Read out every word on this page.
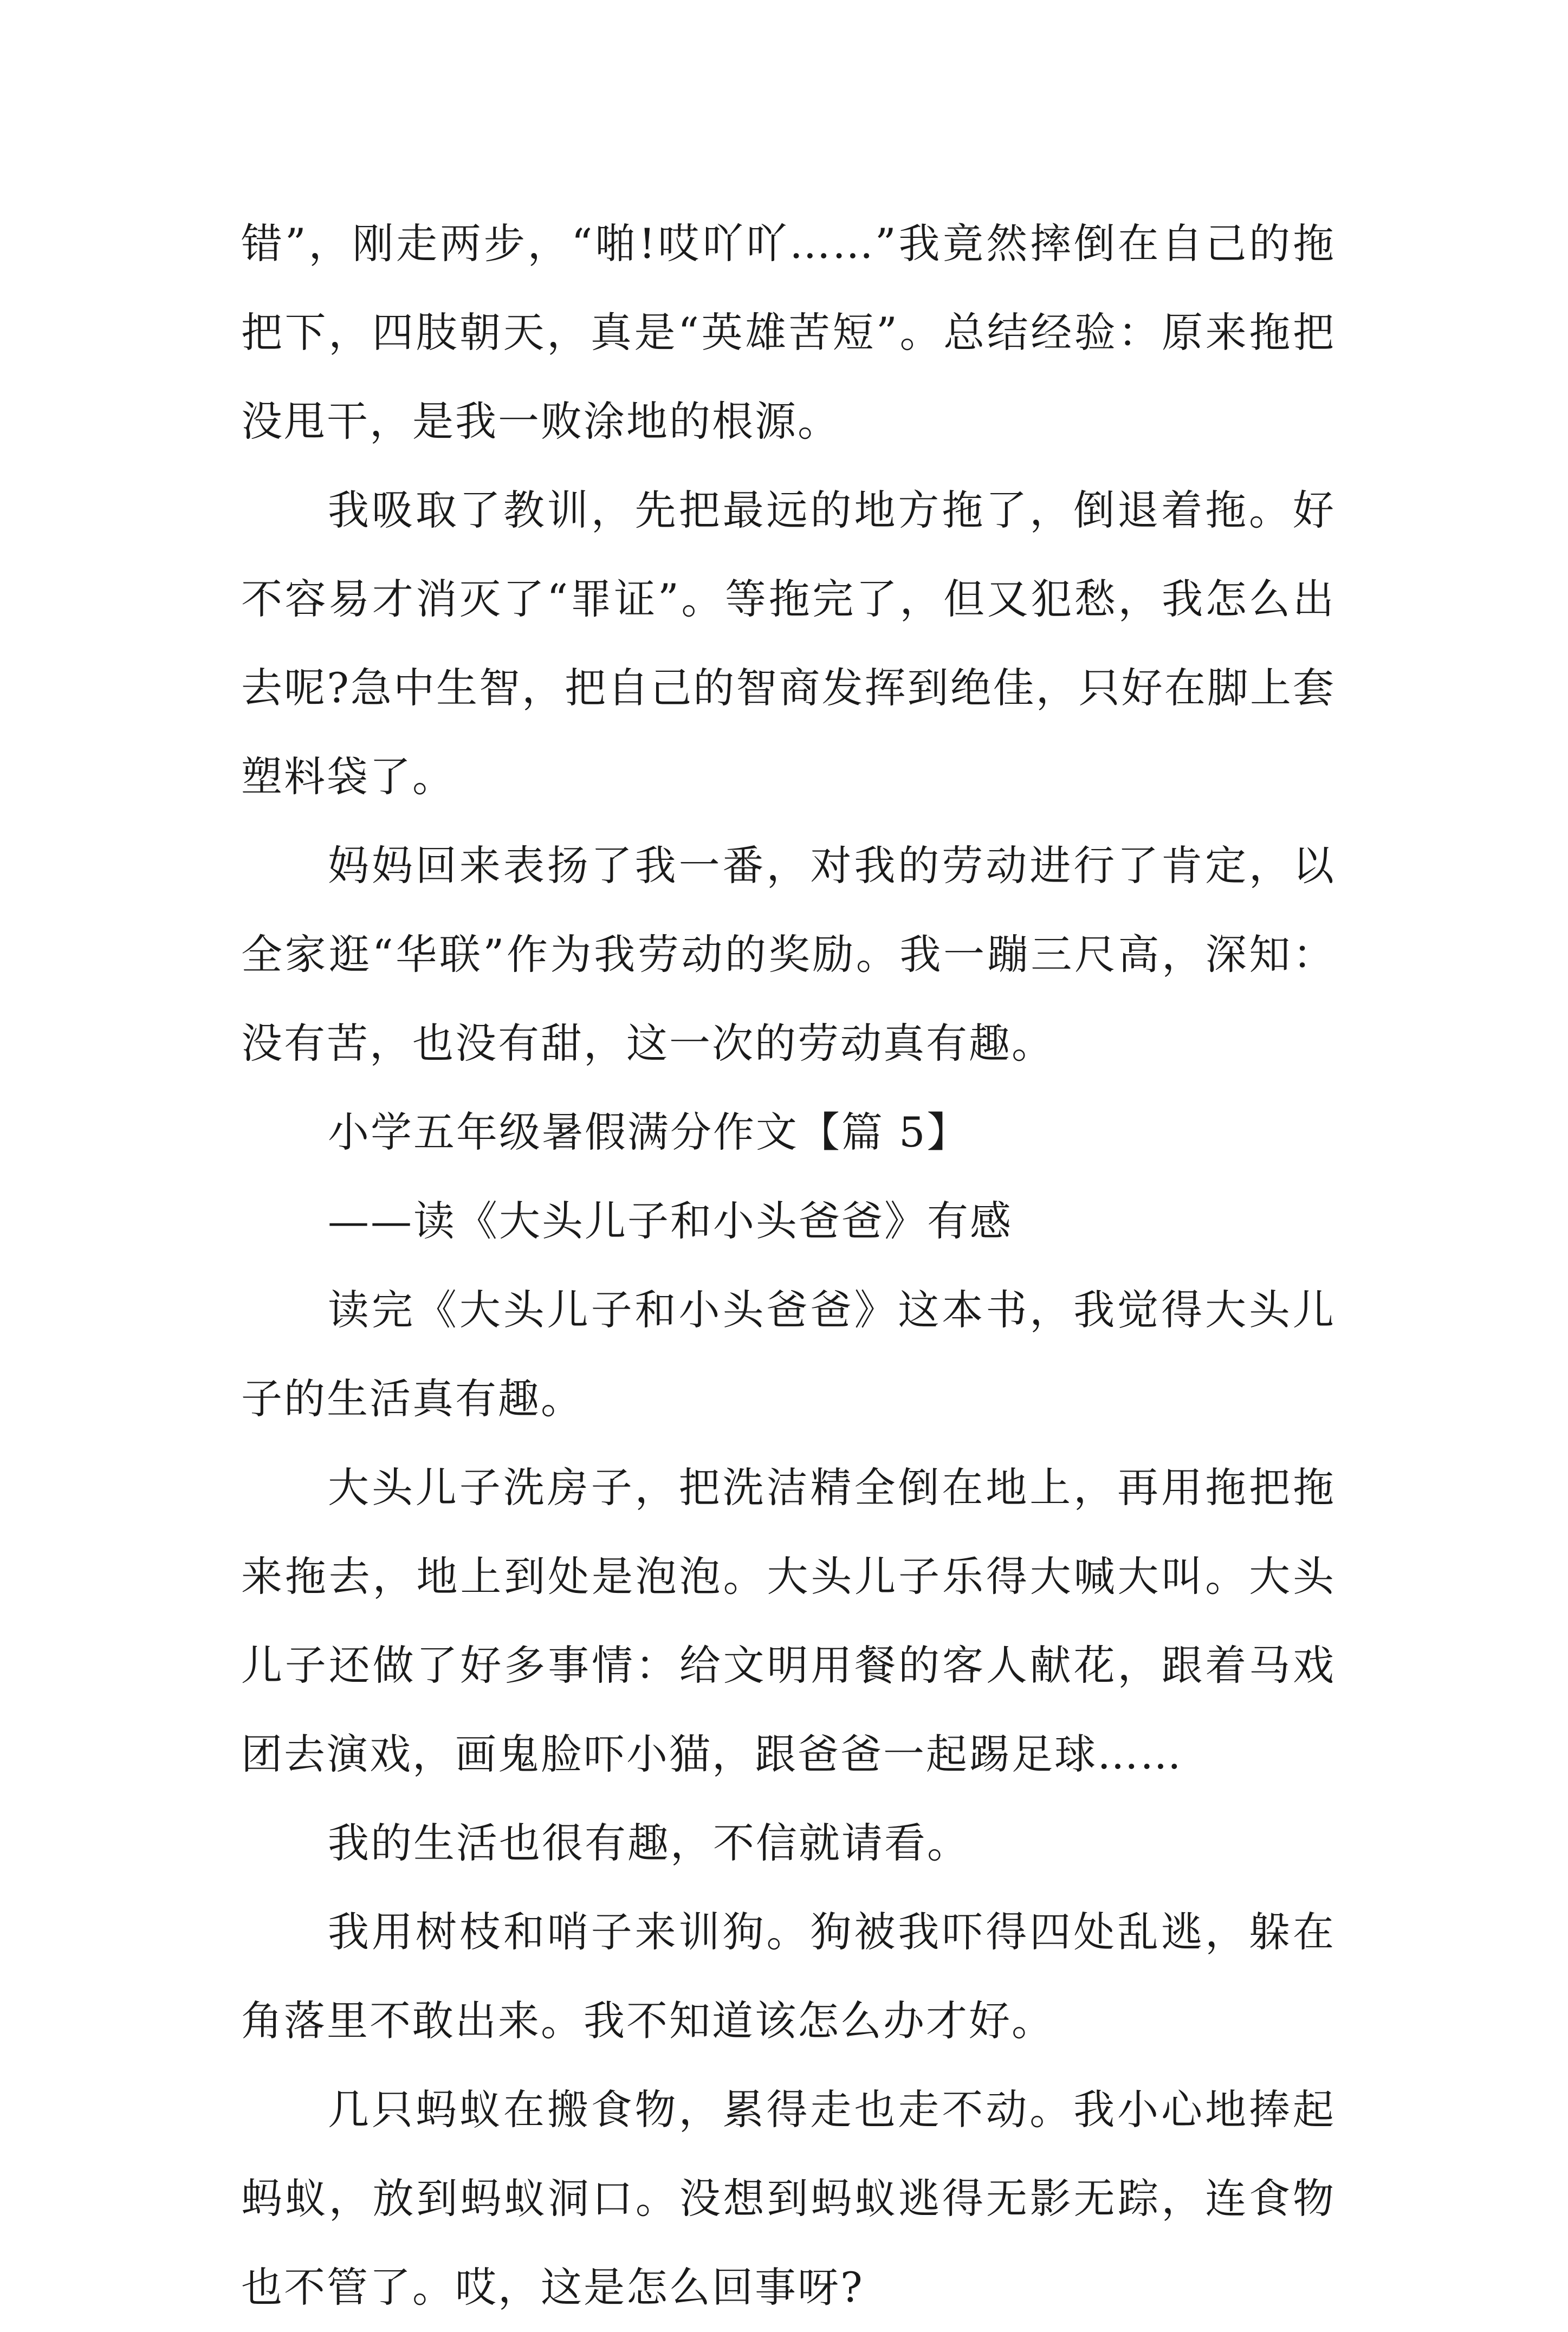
错”，刚走两步，“啪!哎吖吖……”我竟然摔倒在自己的拖把下，四肢朝天，真是“英雄苦短”。总结经验：原来拖把没甩干，是我一败涂地的根源。

我吸取了教训，先把最远的地方拖了，倒退着拖。好不容易才消灭了“罪证”。等拖完了，但又犯愁，我怎么出去呢?急中生智，把自己的智商发挥到绝佳，只好在脚上套塑料袋了。

妈妈回来表扬了我一番，对我的劳动进行了肯定，以全家逛“华联”作为我劳动的奖励。我一蹦三尺高，深知：没有苦，也没有甜，这一次的劳动真有趣。

小学五年级暑假满分作文【篇 5】

——读《大头儿子和小头爸爸》有感

读完《大头儿子和小头爸爸》这本书，我觉得大头儿子的生活真有趣。

大头儿子洗房子，把洗洁精全倒在地上，再用拖把拖来拖去，地上到处是泡泡。大头儿子乐得大喊大叫。大头儿子还做了好多事情：给文明用餐的客人献花，跟着马戏团去演戏，画鬼脸吓小猫，跟爸爸一起踢足球……

我的生活也很有趣，不信就请看。

我用树枝和哨子来训狗。狗被我吓得四处乱逃，躲在角落里不敢出来。我不知道该怎么办才好。

几只蚂蚁在搬食物，累得走也走不动。我小心地捧起蚂蚁，放到蚂蚁洞口。没想到蚂蚁逃得无影无踪，连食物也不管了。哎，这是怎么回事呀?
